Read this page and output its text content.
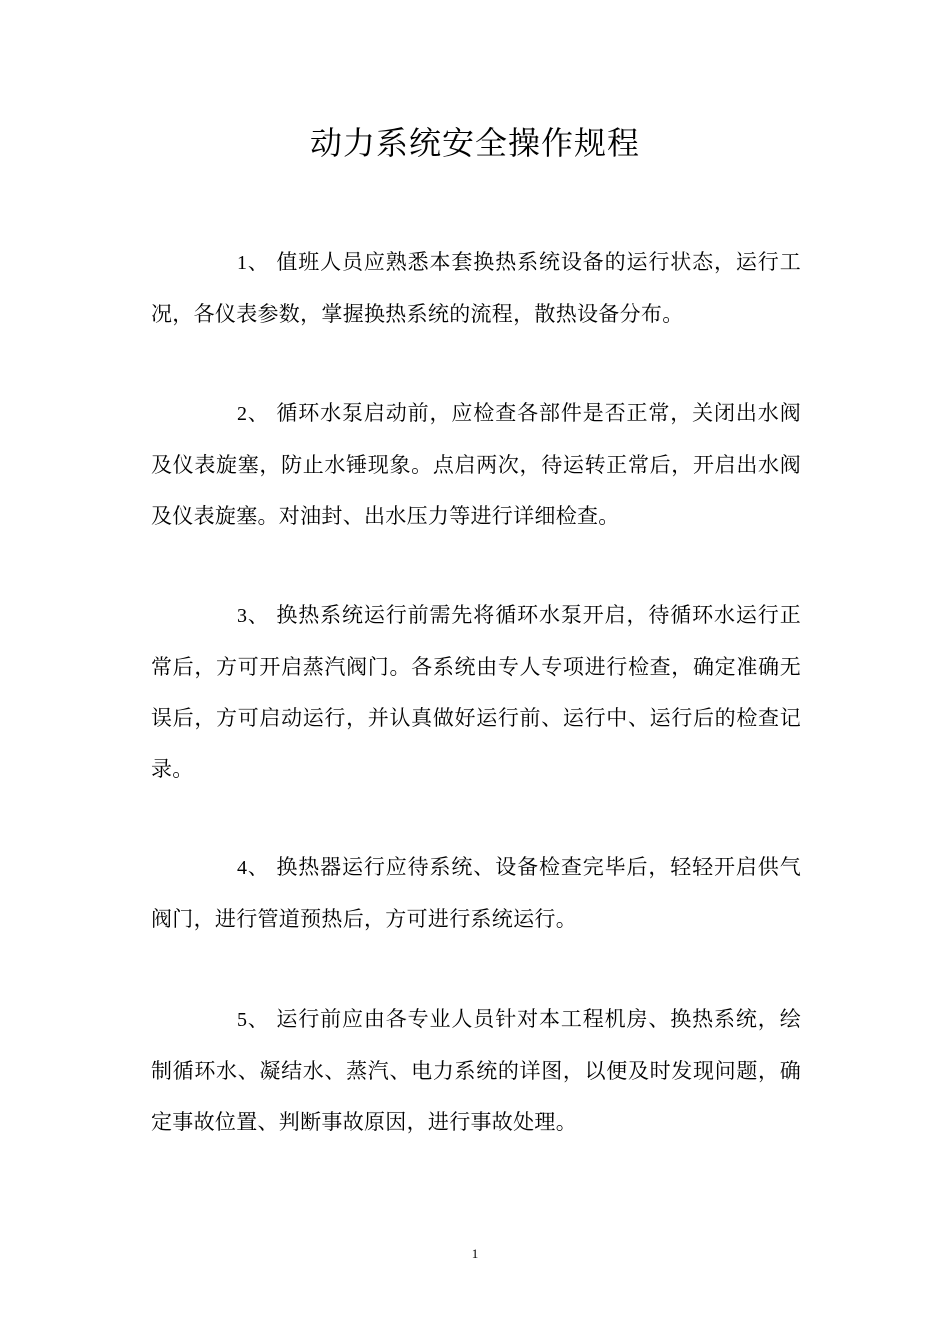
动力系统安全操作规程

1、 值班人员应熟悉本套换热系统设备的运行状态，运行工况，各仪表参数，掌握换热系统的流程，散热设备分布。

2、 循环水泵启动前，应检查各部件是否正常，关闭出水阀及仪表旋塞，防止水锤现象。点启两次，待运转正常后，开启出水阀及仪表旋塞。对油封、出水压力等进行详细检查。

3、 换热系统运行前需先将循环水泵开启，待循环水运行正常后，方可开启蒸汽阀门。各系统由专人专项进行检查，确定准确无误后，方可启动运行，并认真做好运行前、运行中、运行后的检查记录。

4、 换热器运行应待系统、设备检查完毕后，轻轻开启供气阀门，进行管道预热后，方可进行系统运行。

5、 运行前应由各专业人员针对本工程机房、换热系统，绘制循环水、凝结水、蒸汽、电力系统的详图，以便及时发现问题，确定事故位置、判断事故原因，进行事故处理。

1
